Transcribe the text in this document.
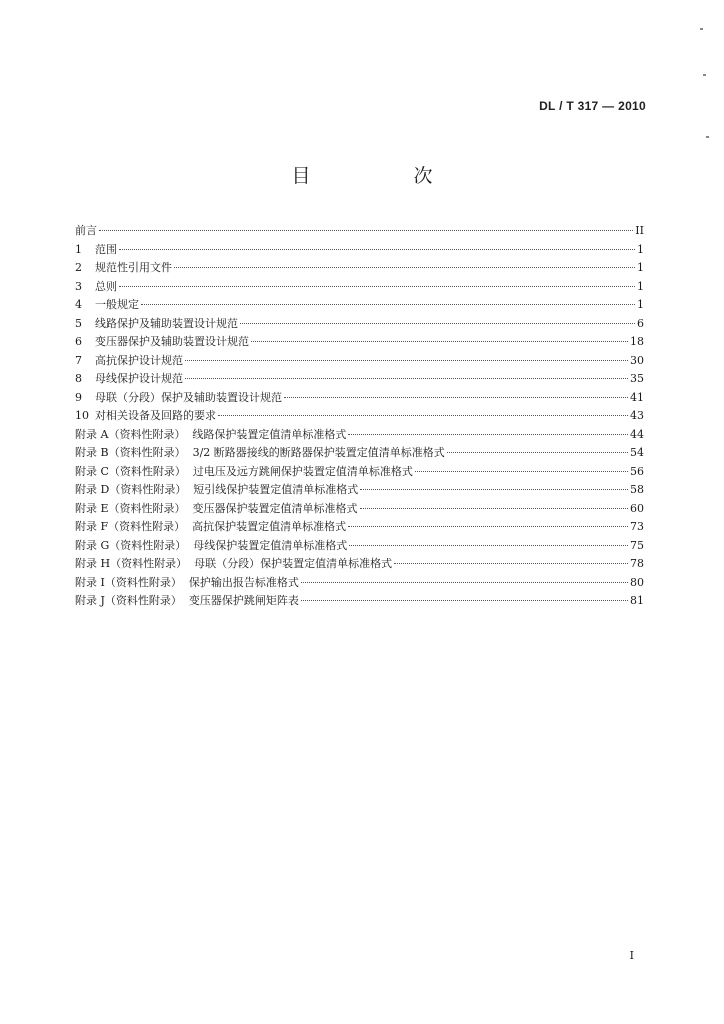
DL / T 317 — 2010
目　次
前言	II
1	范围	1
2	规范性引用文件	1
3	总则	1
4	一般规定	1
5	线路保护及辅助装置设计规范	6
6	变压器保护及辅助装置设计规范	18
7	高抗保护设计规范	30
8	母线保护设计规范	35
9	母联（分段）保护及辅助装置设计规范	41
10 对相关设备及回路的要求	43
附录 A（资料性附录）  线路保护装置定值清单标准格式	44
附录 B（资料性附录）  3/2 断路器接线的断路器保护装置定值清单标准格式	54
附录 C（资料性附录）  过电压及远方跳闸保护装置定值清单标准格式	56
附录 D（资料性附录）  短引线保护装置定值清单标准格式	58
附录 E（资料性附录）  变压器保护装置定值清单标准格式	60
附录 F（资料性附录）  高抗保护装置定值清单标准格式	73
附录 G（资料性附录）  母线保护装置定值清单标准格式	75
附录 H（资料性附录）  母联（分段）保护装置定值清单标准格式	78
附录 I（资料性附录）  保护输出报告标准格式	80
附录 J（资料性附录）  变压器保护跳闸矩阵表	81
I
